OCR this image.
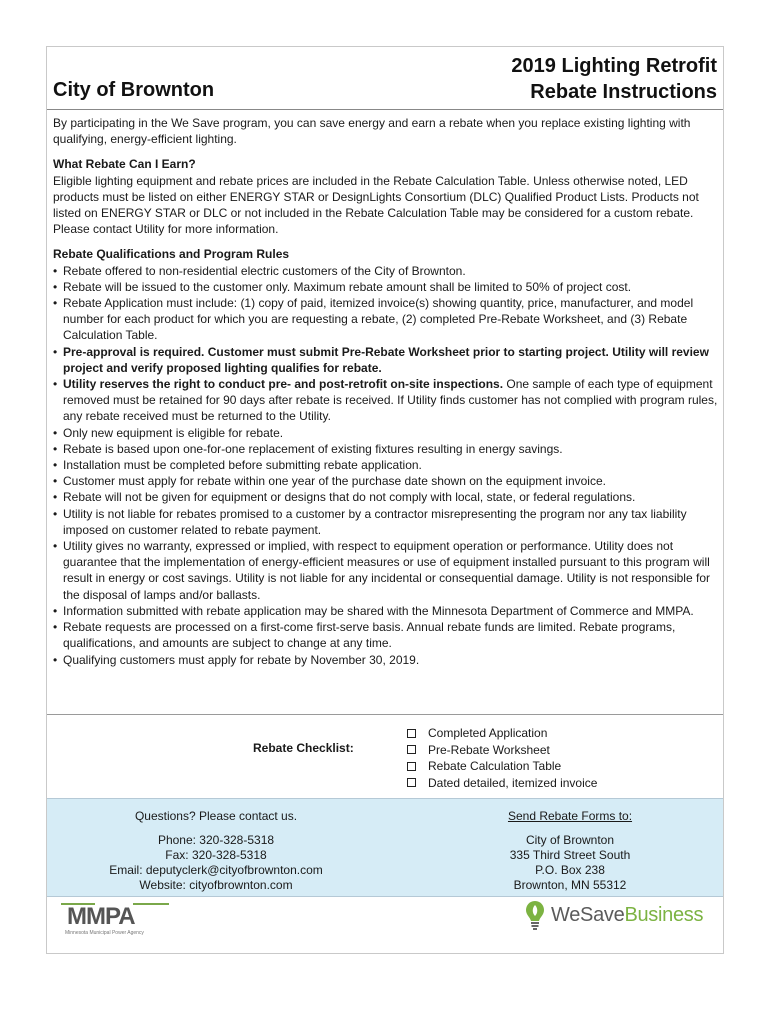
City of Brownton
2019 Lighting Retrofit
Rebate Instructions

By participating in the We Save program, you can save energy and earn a rebate when you replace existing lighting with qualifying, energy-efficient lighting.

What Rebate Can I Earn?

Eligible lighting equipment and rebate prices are included in the Rebate Calculation Table. Unless otherwise noted, LED products must be listed on either ENERGY STAR or DesignLights Consortium (DLC) Qualified Product Lists. Products not listed on ENERGY STAR or DLC or not included in the Rebate Calculation Table may be considered for a custom rebate. Please contact Utility for more information.

Rebate Qualifications and Program Rules

• Rebate offered to non-residential electric customers of the City of Brownton.
• Rebate will be issued to the customer only. Maximum rebate amount shall be limited to 50% of project cost.
• Rebate Application must include: (1) copy of paid, itemized invoice(s) showing quantity, price, manufacturer, and model number for each product for which you are requesting a rebate, (2) completed Pre-Rebate Worksheet, and (3) Rebate Calculation Table.
• Pre-approval is required. Customer must submit Pre-Rebate Worksheet prior to starting project. Utility will review project and verify proposed lighting qualifies for rebate.
• Utility reserves the right to conduct pre- and post-retrofit on-site inspections. One sample of each type of equipment removed must be retained for 90 days after rebate is received. If Utility finds customer has not complied with program rules, any rebate received must be returned to the Utility.
• Only new equipment is eligible for rebate.
• Rebate is based upon one-for-one replacement of existing fixtures resulting in energy savings.
• Installation must be completed before submitting rebate application.
• Customer must apply for rebate within one year of the purchase date shown on the equipment invoice.
• Rebate will not be given for equipment or designs that do not comply with local, state, or federal regulations.
• Utility is not liable for rebates promised to a customer by a contractor misrepresenting the program nor any tax liability imposed on customer related to rebate payment.
• Utility gives no warranty, expressed or implied, with respect to equipment operation or performance. Utility does not guarantee that the implementation of energy-efficient measures or use of equipment installed pursuant to this program will result in energy or cost savings. Utility is not liable for any incidental or consequential damage. Utility is not responsible for the disposal of lamps and/or ballasts.
• Information submitted with rebate application may be shared with the Minnesota Department of Commerce and MMPA.
• Rebate requests are processed on a first-come first-serve basis. Annual rebate funds are limited. Rebate programs, qualifications, and amounts are subject to change at any time.
• Qualifying customers must apply for rebate by November 30, 2019.
Rebate Checklist:
Completed Application
Pre-Rebate Worksheet
Rebate Calculation Table
Dated detailed, itemized invoice
Questions? Please contact us.
Phone: 320-328-5318
Fax: 320-328-5318
Email: deputyclerk@cityofbrownton.com
Website: cityofbrownton.com
Send Rebate Forms to:
City of Brownton
335 Third Street South
P.O. Box 238
Brownton, MN 55312
MMPA
Minnesota Municipal Power Agency
WeSaveBusiness
